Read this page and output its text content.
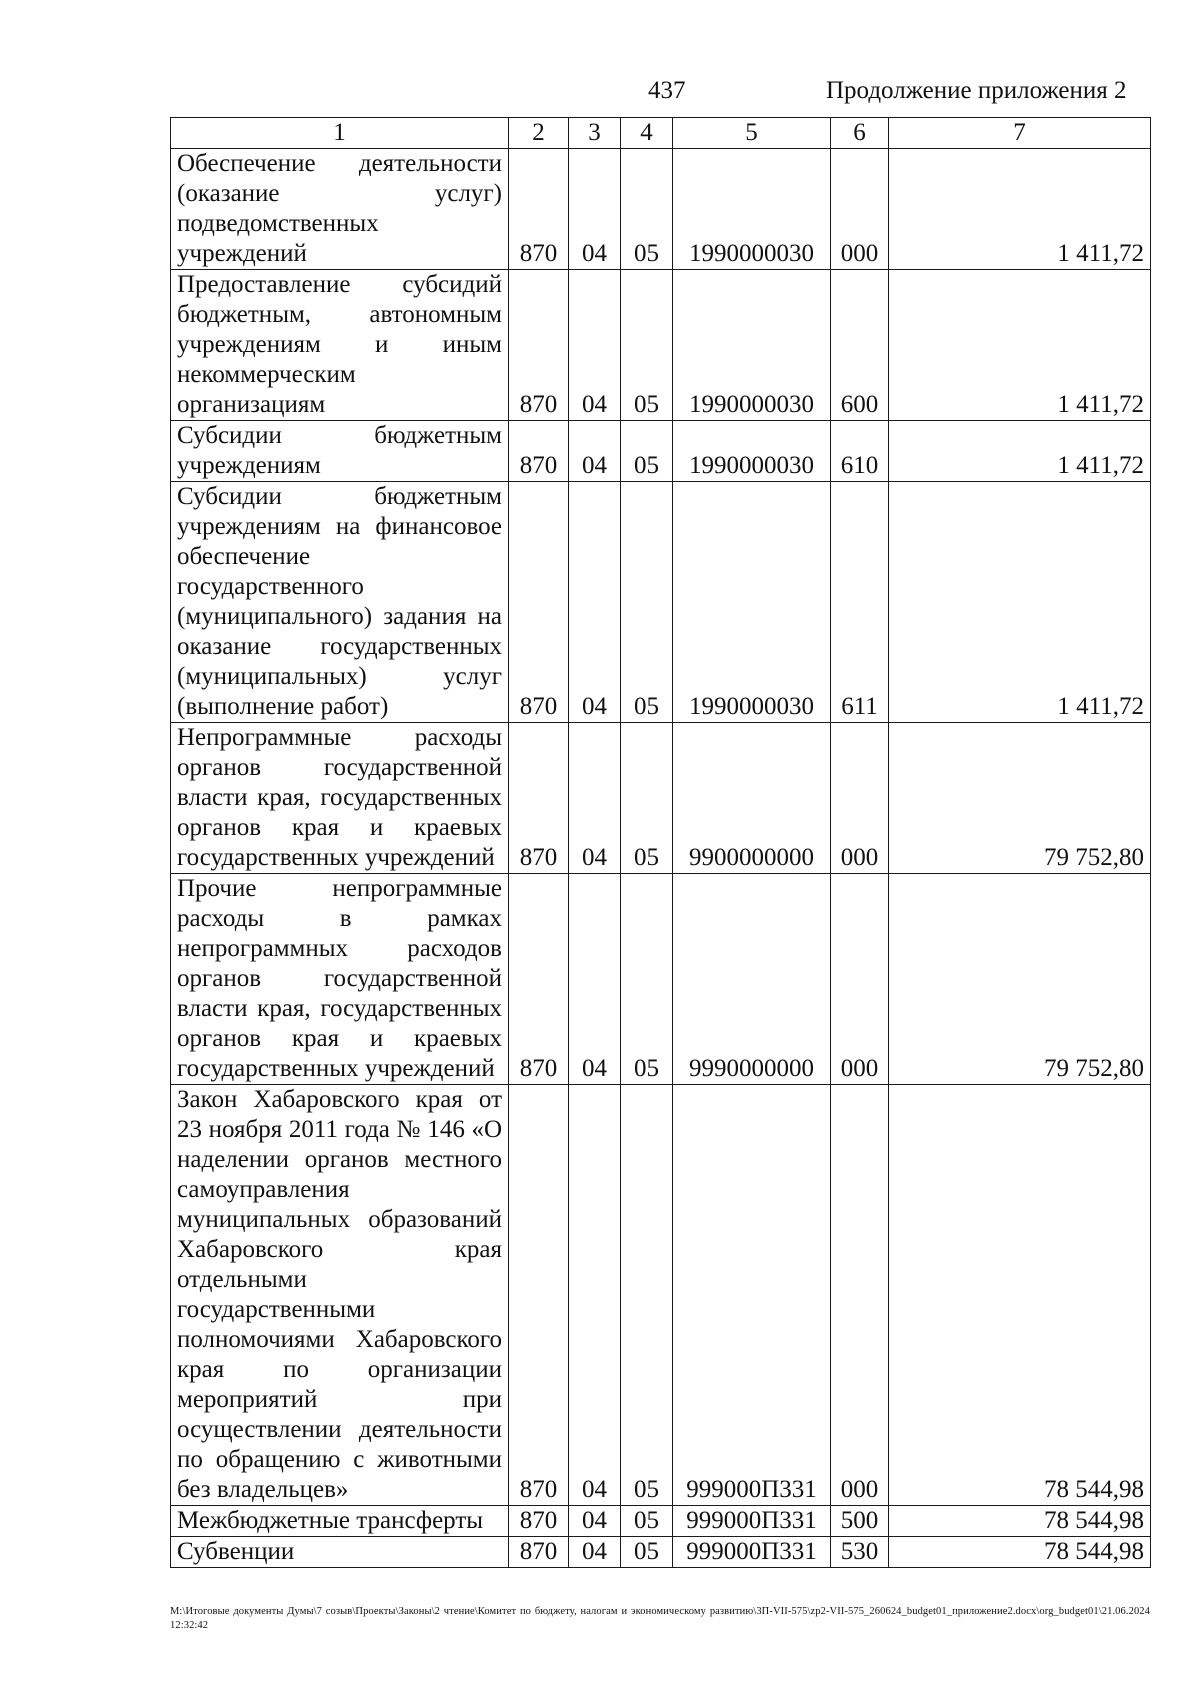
437	Продолжение приложения 2
1	2	3	4	5	6	7
Обеспечение деятельности (оказание услуг) подведомственных учреждений	870	04	05	1990000030	000	1 411,72
Предоставление субсидий бюджетным, автономным учреждениям и иным некоммерческим организациям	870	04	05	1990000030	600	1 411,72
Субсидии бюджетным учреждениям	870	04	05	1990000030	610	1 411,72
Субсидии бюджетным учреждениям на финансовое обеспечение государственного (муниципального) задания на оказание государственных (муниципальных) услуг (выполнение работ)	870	04	05	1990000030	611	1 411,72
Непрограммные расходы органов государственной власти края, государственных органов края и краевых государственных учреждений	870	04	05	9900000000	000	79 752,80
Прочие непрограммные расходы в рамках непрограммных расходов органов государственной власти края, государственных органов края и краевых государственных учреждений	870	04	05	9990000000	000	79 752,80
Закон Хабаровского края от 23 ноября 2011 года № 146 «О наделении органов местного самоуправления муниципальных образований Хабаровского края отдельными государственными полномочиями Хабаровского края по организации мероприятий при осуществлении деятельности по обращению с животными без владельцев»	870	04	05	999000П331	000	78 544,98
Межбюджетные трансферты	870	04	05	999000П331	500	78 544,98
Субвенции	870	04	05	999000П331	530	78 544,98
M:\Итоговые документы Думы\7 созыв\Проекты\Законы\2 чтение\Комитет по бюджету, налогам и экономическому развитию\3П-VII-575\zp2-VII-575_260624_budget01_приложение2.docx\org_budget01\21.06.2024 12:32:42
